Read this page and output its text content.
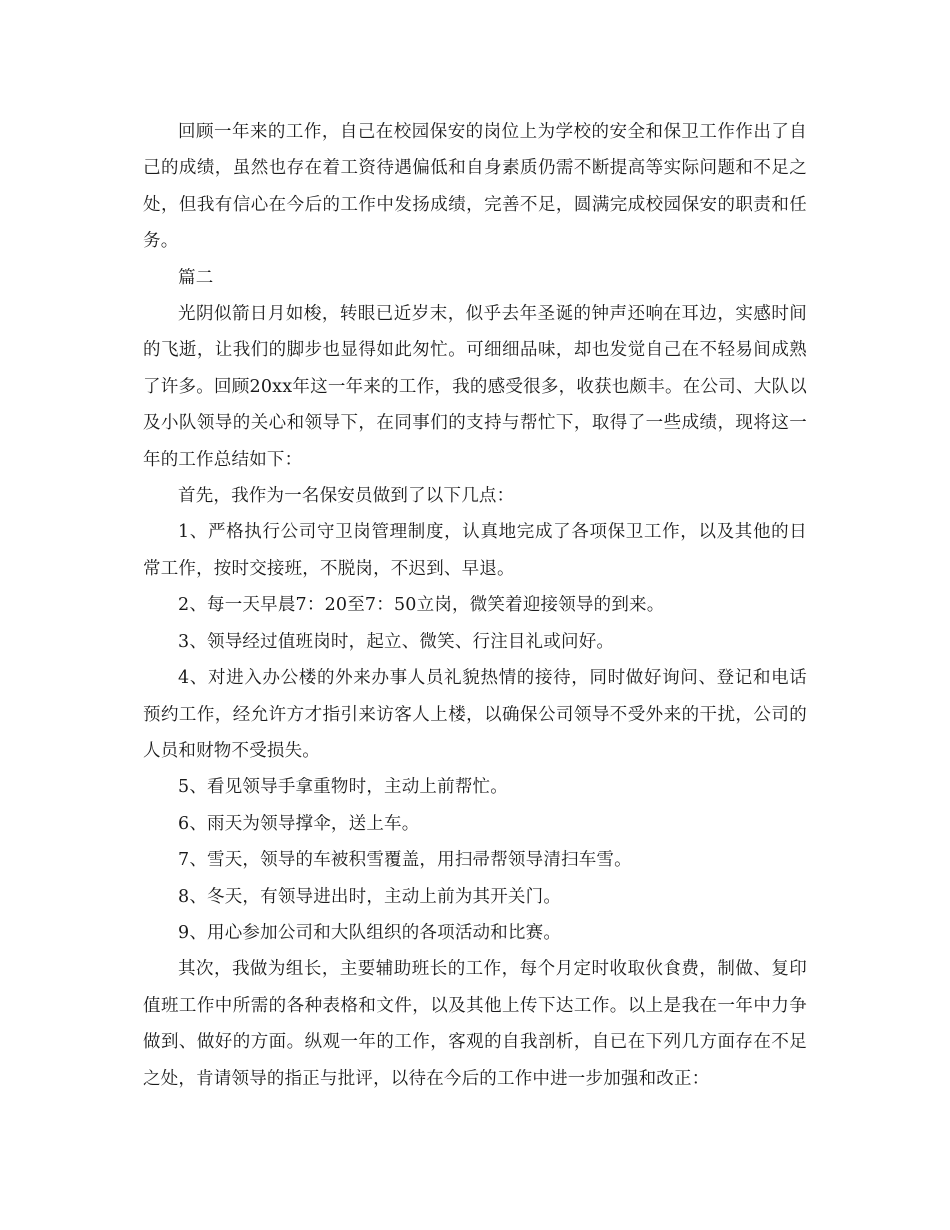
回顾一年来的工作，自己在校园保安的岗位上为学校的安全和保卫工作作出了自己的成绩，虽然也存在着工资待遇偏低和自身素质仍需不断提高等实际问题和不足之处，但我有信心在今后的工作中发扬成绩，完善不足，圆满完成校园保安的职责和任务。

篇二

光阴似箭日月如梭，转眼已近岁末，似乎去年圣诞的钟声还响在耳边，实感时间的飞逝，让我们的脚步也显得如此匆忙。可细细品味，却也发觉自己在不轻易间成熟了许多。回顾20xx年这一年来的工作，我的感受很多，收获也颇丰。在公司、大队以及小队领导的关心和领导下，在同事们的支持与帮忙下，取得了一些成绩，现将这一年的工作总结如下：

首先，我作为一名保安员做到了以下几点：

1、严格执行公司守卫岗管理制度，认真地完成了各项保卫工作，以及其他的日常工作，按时交接班，不脱岗，不迟到、早退。

2、每一天早晨7：20至7：50立岗，微笑着迎接领导的到来。

3、领导经过值班岗时，起立、微笑、行注目礼或问好。

4、对进入办公楼的外来办事人员礼貌热情的接待，同时做好询问、登记和电话预约工作，经允许方才指引来访客人上楼，以确保公司领导不受外来的干扰，公司的人员和财物不受损失。

5、看见领导手拿重物时，主动上前帮忙。

6、雨天为领导撑伞，送上车。

7、雪天，领导的车被积雪覆盖，用扫帚帮领导清扫车雪。

8、冬天，有领导进出时，主动上前为其开关门。

9、用心参加公司和大队组织的各项活动和比赛。

其次，我做为组长，主要辅助班长的工作，每个月定时收取伙食费，制做、复印值班工作中所需的各种表格和文件，以及其他上传下达工作。以上是我在一年中力争做到、做好的方面。纵观一年的工作，客观的自我剖析，自已在下列几方面存在不足之处，肯请领导的指正与批评，以待在今后的工作中进一步加强和改正：
